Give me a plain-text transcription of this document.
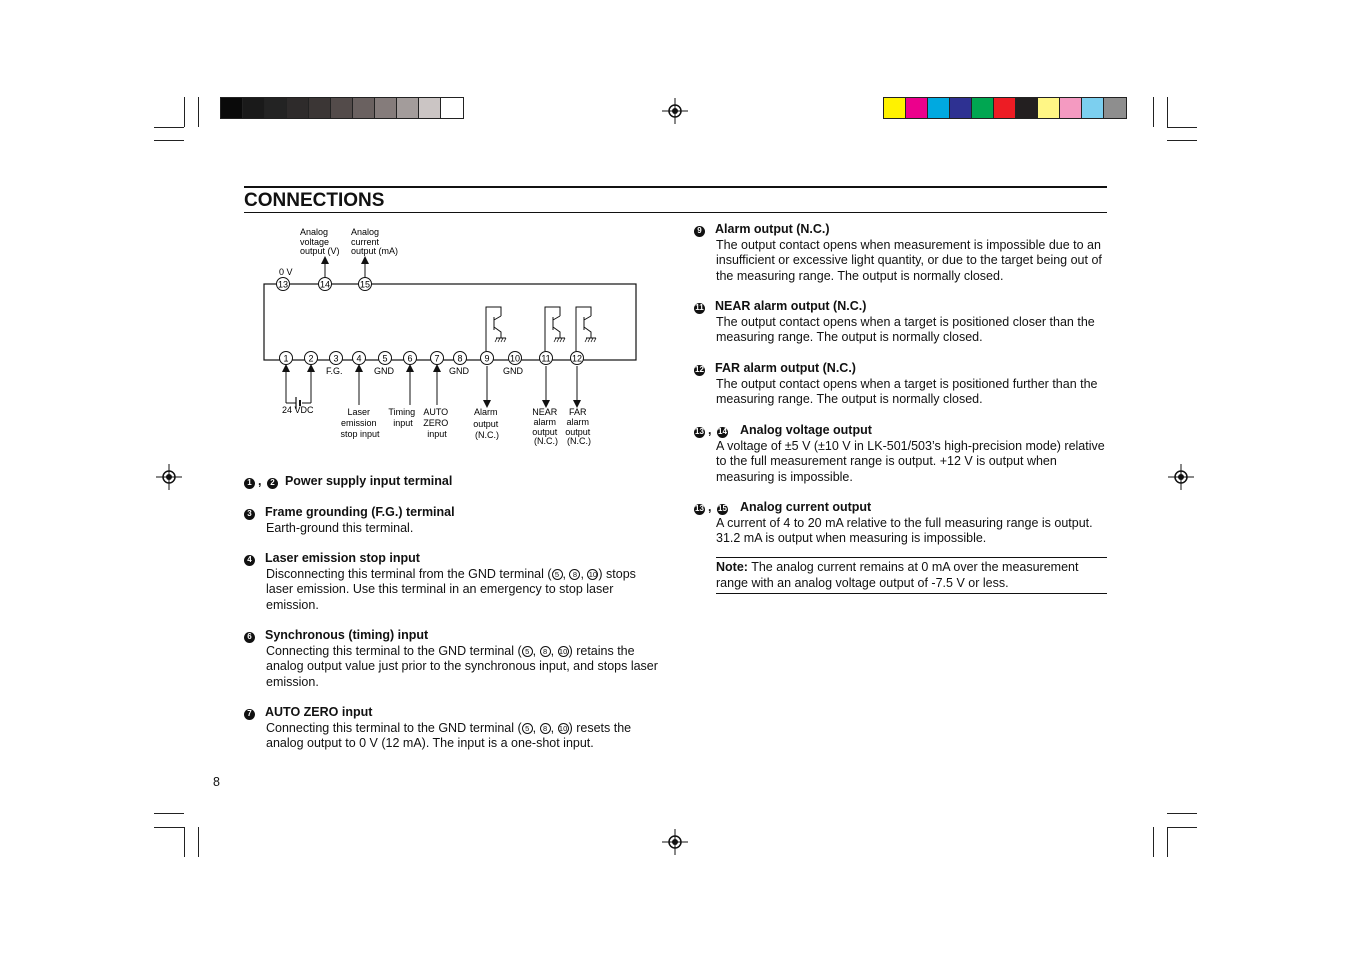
CONNECTIONS
Analog voltage output (V)
Analog current output (mA)
0 V
13	14	15
1 2 3 4 5 6 7 8 9 10 11 12
F.G.	GND	GND	GND
24 VDC	Laser emission stop input
Timing input
AUTO ZERO input
Alarm output (N.C.)
NEAR alarm output (N.C.)
FAR alarm output (N.C.)
1 , 2 Power supply input terminal
3	Frame grounding (F.G.) terminal
Earth-ground this terminal.
4	Laser emission stop input
Disconnecting this terminal from the GND terminal ( 5 , 8 , 10) stops laser emission. Use this terminal in an emergency to stop laser emission.
6	Synchronous (timing) input
Connecting this terminal to the GND terminal ( 5 , 8 , 10) retains the analog output value just prior to the synchronous input, and stops laser emission.
7	AUTO ZERO input
Connecting this terminal to the GND terminal ( 5 , 8 , 10) resets the analog output to 0 V (12 mA). The input is a one-shot input.
9	Alarm output (N.C.)
The output contact opens when measurement is impossible due to an insufficient or excessive light quantity, or due to the target being out of the measuring range. The output is normally closed.
11 NEAR alarm output (N.C.)
The output contact opens when a target is positioned closer than the measuring range. The output is normally closed.
12 FAR alarm output (N.C.)
The output contact opens when a target is positioned further than the measuring range. The output is normally closed.
13 , 14	Analog voltage output
A voltage of ±5 V (±10 V in LK-501/503’s high-precision mode) relative to the full measurement range is output. +12 V is output when measuring is impossible.
13 , 15	Analog current output
A current of 4 to 20 mA relative to the full measuring range is output. 31.2 mA is output when measuring is impossible.
Note: The analog current remains at 0 mA over the measurement range with an analog voltage output of -7.5 V or less.
8
